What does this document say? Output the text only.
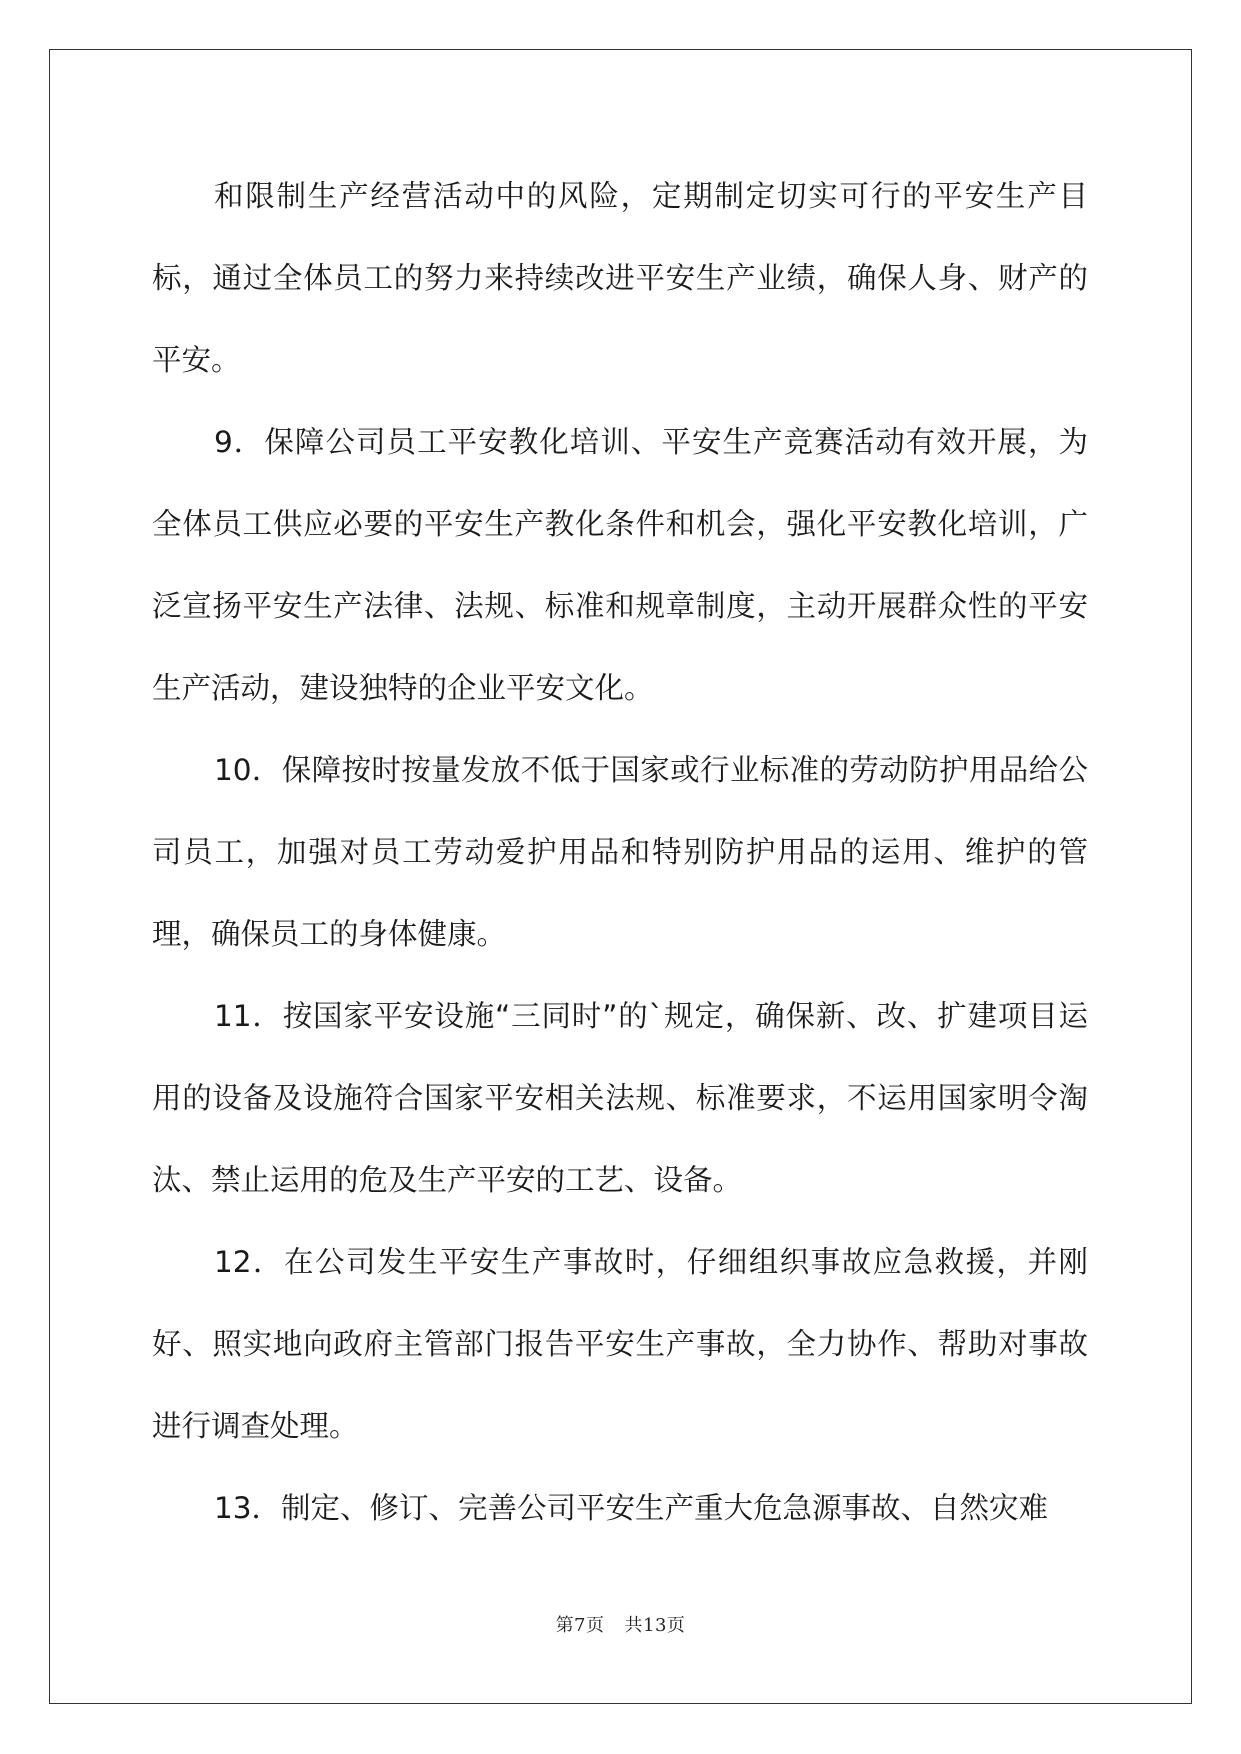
和限制生产经营活动中的风险，定期制定切实可行的平安生产目标，通过全体员工的努力来持续改进平安生产业绩，确保人身、财产的平安。

9．保障公司员工平安教化培训、平安生产竞赛活动有效开展，为全体员工供应必要的平安生产教化条件和机会，强化平安教化培训，广泛宣扬平安生产法律、法规、标准和规章制度，主动开展群众性的平安生产活动，建设独特的企业平安文化。

10．保障按时按量发放不低于国家或行业标准的劳动防护用品给公司员工，加强对员工劳动爱护用品和特别防护用品的运用、维护的管理，确保员工的身体健康。

11．按国家平安设施“三同时”的`规定，确保新、改、扩建项目运用的设备及设施符合国家平安相关法规、标准要求，不运用国家明令淘汰、禁止运用的危及生产平安的工艺、设备。

12．在公司发生平安生产事故时，仔细组织事故应急救援，并刚好、照实地向政府主管部门报告平安生产事故，全力协作、帮助对事故进行调查处理。

13．制定、修订、完善公司平安生产重大危急源事故、自然灾难

第7页 共13页
